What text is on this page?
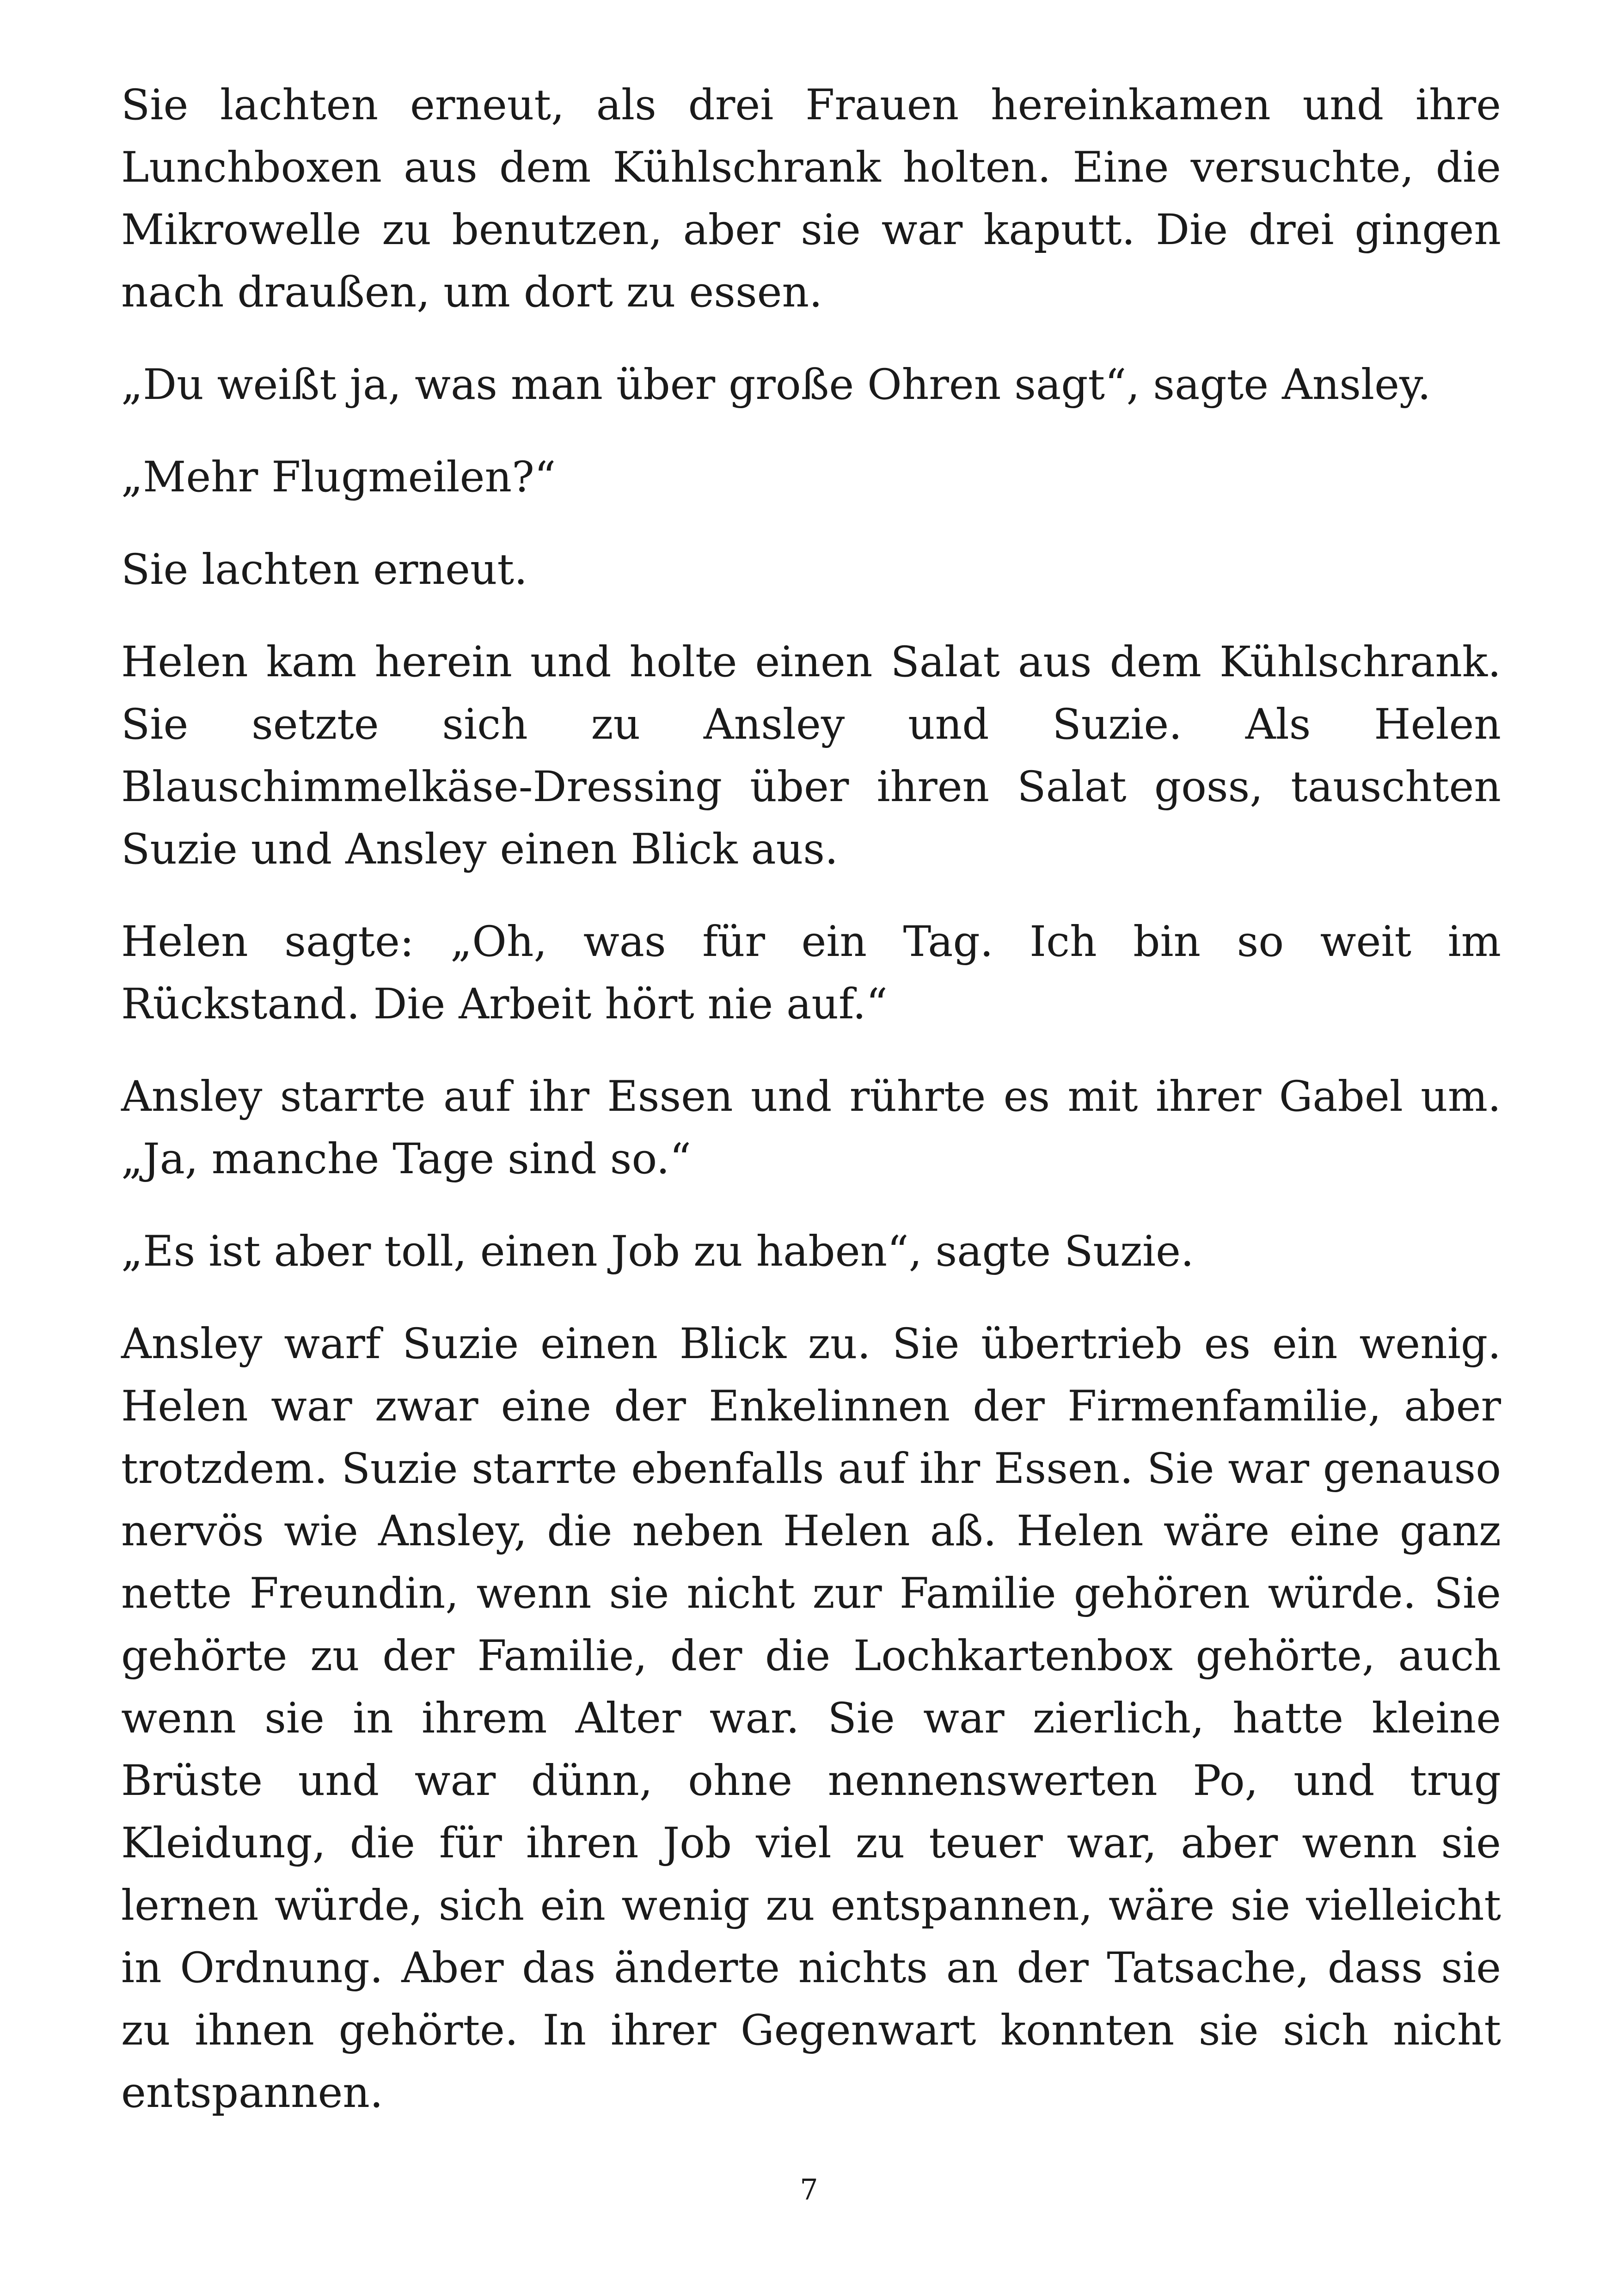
Sie lachten erneut, als drei Frauen hereinkamen und ihre Lunchboxen aus dem Kühlschrank holten. Eine versuchte, die Mikrowelle zu benutzen, aber sie war kaputt. Die drei gingen nach draußen, um dort zu essen.

„Du weißt ja, was man über große Ohren sagt“, sagte Ansley.

„Mehr Flugmeilen?“

Sie lachten erneut.

Helen kam herein und holte einen Salat aus dem Kühlschrank. Sie setzte sich zu Ansley und Suzie. Als Helen Blauschimmelkäse-Dressing über ihren Salat goss, tauschten Suzie und Ansley einen Blick aus.

Helen sagte: „Oh, was für ein Tag. Ich bin so weit im Rückstand. Die Arbeit hört nie auf.“

Ansley starrte auf ihr Essen und rührte es mit ihrer Gabel um. „Ja, manche Tage sind so.“

„Es ist aber toll, einen Job zu haben“, sagte Suzie.

Ansley warf Suzie einen Blick zu. Sie übertrieb es ein wenig. Helen war zwar eine der Enkelinnen der Firmenfamilie, aber trotzdem. Suzie starrte ebenfalls auf ihr Essen. Sie war genauso nervös wie Ansley, die neben Helen aß. Helen wäre eine ganz nette Freundin, wenn sie nicht zur Familie gehören würde. Sie gehörte zu der Familie, der die Lochkartenbox gehörte, auch wenn sie in ihrem Alter war. Sie war zierlich, hatte kleine Brüste und war dünn, ohne nennenswerten Po, und trug Kleidung, die für ihren Job viel zu teuer war, aber wenn sie lernen würde, sich ein wenig zu entspannen, wäre sie vielleicht in Ordnung. Aber das änderte nichts an der Tatsache, dass sie zu ihnen gehörte. In ihrer Gegenwart konnten sie sich nicht entspannen.

7
